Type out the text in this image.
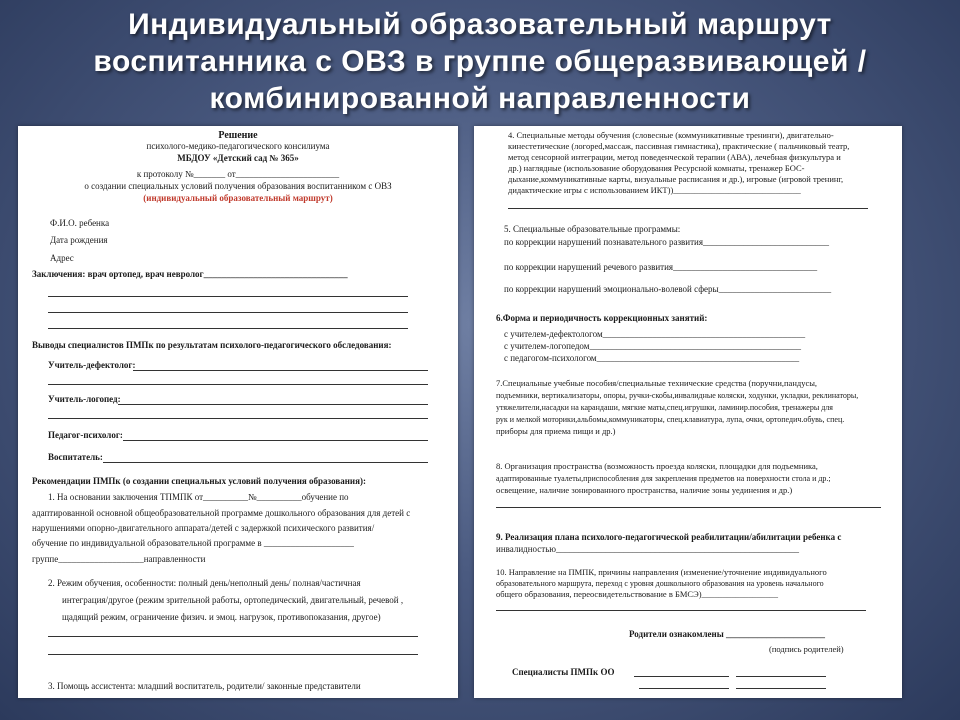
Индивидуальный образовательный маршрут
воспитанника с ОВЗ в группе общеразвивающей /
комбинированной направленности
Решение
психолого-медико-педагогического консилиума
МБДОУ «Детский сад № 365»
к протоколу №_______ от_______________________
о создании специальных условий получения образования воспитанником с ОВЗ
(индивидуальный образовательный маршрут)
Ф.И.О. ребенка
Дата рождения
Адрес
Заключения: врач ортопед, врач невролог________________________________
Выводы специалистов ПМПк по результатам психолого-педагогического обследования:
Учитель-дефектолог:
Учитель-логопед:
Педагог-психолог:
Воспитатель:
Рекомендации ПМПк (о создании специальных условий получения образования):
1. На основании заключения ТПМПК от__________№__________обучение по
адаптированной основной общеобразовательной программе дошкольного образования для детей с
нарушениями опорно-двигательного аппарата/детей с задержкой психического развития/
обучение по индивидуальной образовательной программе в ____________________
группе___________________направленности
2. Режим обучения, особенности: полный день/неполный день/ полная/частичная
интеграция/другое (режим зрительной работы, ортопедический, двигательный, речевой ,
щадящий режим, ограничение физич. и эмоц. нагрузок, противопоказания, другое)
3. Помощь ассистента: младший воспитатель, родители/ законные представители
4. Специальные методы обучения (словесные (коммуникативные тренинги), двигательно-
кинестетические (логоped,массаж, пассивная гимнастика), практические ( пальчиковый театр,
метод сенсорной интеграции, метод поведенческой терапии (АВА), лечебная физкультура и
др.) наглядные (использование оборудования Ресурсной комнаты, тренажер БОС-
дыхание,коммуникативные карты, визуальные расписания и др.), игровые (игровой тренинг,
дидактические игры с использованием ИКТ))______________________________
5. Специальные образовательные программы:
по коррекции нарушений познавательного развития____________________________
по коррекции нарушений речевого развития________________________________
по коррекции нарушений эмоционально-волевой сферы_________________________
6.Форма и периодичность коррекционных занятий:
с учителем-дефектологом_____________________________________________
с учителем-логопедом_______________________________________________
с педагогом-психологом_____________________________________________
7.Специальные учебные пособия/специальные технические средства (поручни,пандусы,
подъемники, вертикализаторы, опоры, ручки-скобы,инвалидные коляски, ходунки, укладки, реклинаторы,
утяжелители,насадки на карандаши, мягкие маты,спец.игрушки, ламинир.пособия, тренажеры для
рук и мелкой моторики,альбомы,коммуникаторы, спец.клавиатура, лупа, очки, ортопедич.обувь, спец.
приборы для приема пищи и др.)
8. Организация пространства (возможность проезда коляски, площадки для подъемника,
адаптированные туалеты,приспособления для закрепления предметов на поверхности стола и др.;
освещение, наличие зонированного пространства, наличие зоны уединения и др.)
9. Реализация плана психолого-педагогической реабилитации/абилитации ребенка с
инвалидностью______________________________________________________
10. Направление на ПМПК, причины направления (изменение/уточнение индивидуального
образовательного маршрута, переход с уровня дошкольного образования на уровень начального
общего образования, переосвидетельствование в БМСЭ)__________________
Родители ознакомлены ______________________
(подпись родителей)
Специалисты ПМПк ОО
